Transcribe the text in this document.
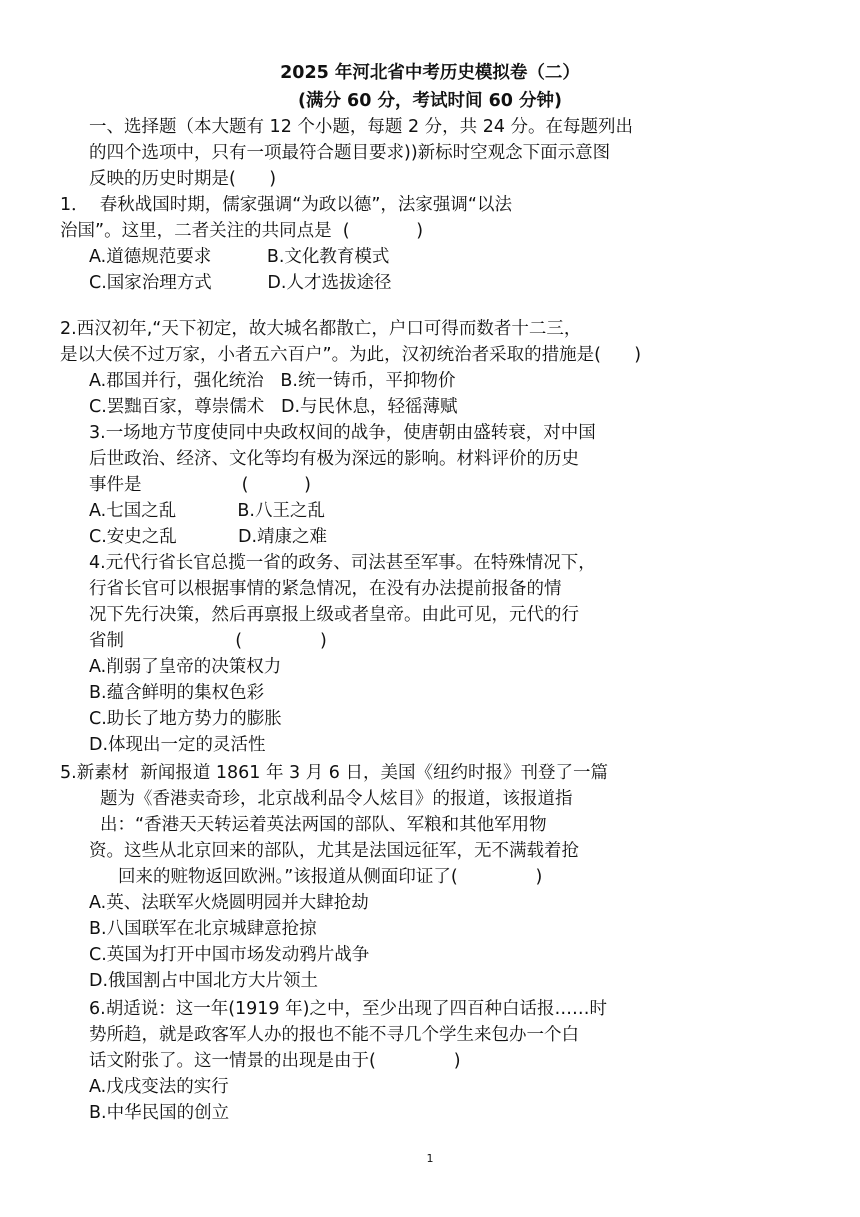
2025 年河北省中考历史模拟卷（二）
(满分 60 分，考试时间 60 分钟)
一、选择题（本大题有 12 个小题，每题 2 分，共 24 分。在每题列出
的四个选项中，只有一项最符合题目要求))新标时空观念下面示意图
反映的历史时期是(      )
1．  春秋战国时期，儒家强调“为政以德”，法家强调“以法
治国”。这里，二者关注的共同点是  (            )
A.道德规范要求          B.文化教育模式
C.国家治理方式          D.人才选拔途径
2.西汉初年,“天下初定，故大城名都散亡，户口可得而数者十二三，
是以大侯不过万家，小者五六百户”。为此，汉初统治者采取的措施是(      )
A.郡国并行，强化统治   B.统一铸币，平抑物价
C.罢黜百家，尊崇儒术   D.与民休息，轻徭薄赋
3.一场地方节度使同中央政权间的战争，使唐朝由盛转衰，对中国
后世政治、经济、文化等均有极为深远的影响。材料评价的历史
事件是                  (          )
A.七国之乱           B.八王之乱
C.安史之乱           D.靖康之难
4.元代行省长官总揽一省的政务、司法甚至军事。在特殊情况下，
行省长官可以根据事情的紧急情况，在没有办法提前报备的情
况下先行决策，然后再禀报上级或者皇帝。由此可见，元代的行
省制                    (              )
A.削弱了皇帝的决策权力
B.蕴含鲜明的集权色彩
C.助长了地方势力的膨胀
D.体现出一定的灵活性
5.新素材  新闻报道 1861 年 3 月 6 日，美国《纽约时报》刊登了一篇
题为《香港卖奇珍，北京战利品令人炫目》的报道，该报道指
出：“香港天天转运着英法两国的部队、军粮和其他军用物
资。这些从北京回来的部队，尤其是法国远征军，无不满载着抢
回来的赃物返回欧洲。”该报道从侧面印证了(              )
A.英、法联军火烧圆明园并大肆抢劫
B.八国联军在北京城肆意抢掠
C.英国为打开中国市场发动鸦片战争
D.俄国割占中国北方大片领土
6.胡适说：这一年(1919 年)之中，至少出现了四百种白话报……时
势所趋，就是政客军人办的报也不能不寻几个学生来包办一个白
话文附张了。这一情景的出现是由于(              )
A.戊戌变法的实行
B.中华民国的创立
1
